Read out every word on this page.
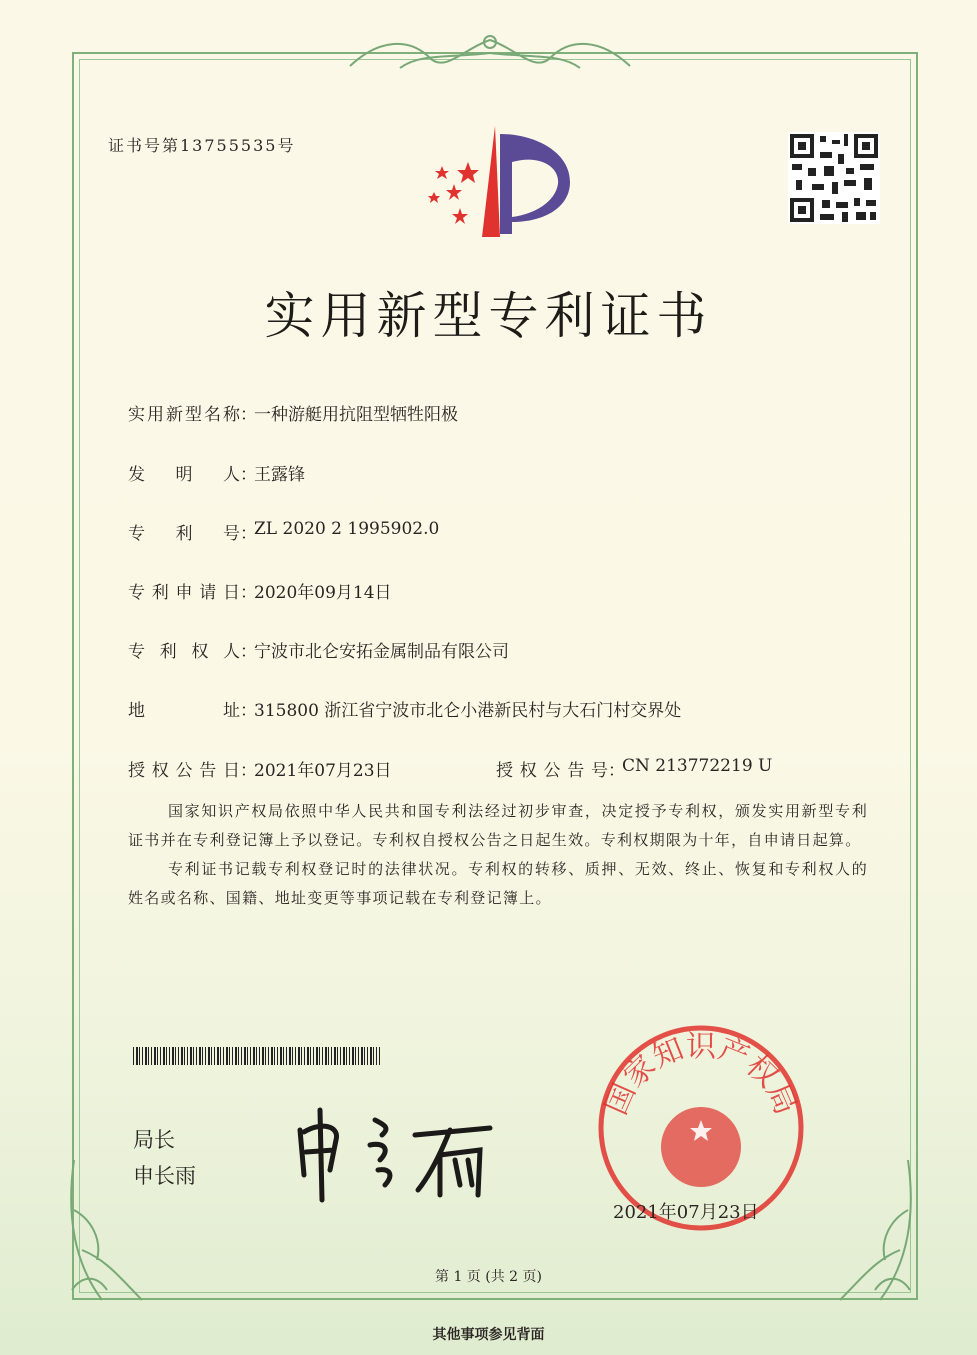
证书号第13755535号
实用新型专利证书
实用新型名称 ：
一种游艇用抗阻型牺牲阳极
发明人 ：
王露锋
专利号 ：
ZL 2020 2 1995902.0
专利申请日 ：
2020年09月14日
专利权人 ：
宁波市北仑安拓金属制品有限公司
地址 ：
315800 浙江省宁波市北仑小港新民村与大石门村交界处
授权公告日 ：
2021年07月23日	授权公告号 ：
CN 213772219 U

国家知识产权局依照中华人民共和国专利法经过初步审查，决定授予专利权，颁发实用新型专利证书并在专利登记簿上予以登记。专利权自授权公告之日起生效。专利权期限为十年，自申请日起算。

专利证书记载专利权登记时的法律状况。专利权的转移、质押、无效、终止、恢复和专利权人的姓名或名称、国籍、地址变更等事项记载在专利登记簿上。

局长
申长雨
国家知识产权局
2021年07月23日
第 1 页 (共 2 页)
其他事项参见背面
